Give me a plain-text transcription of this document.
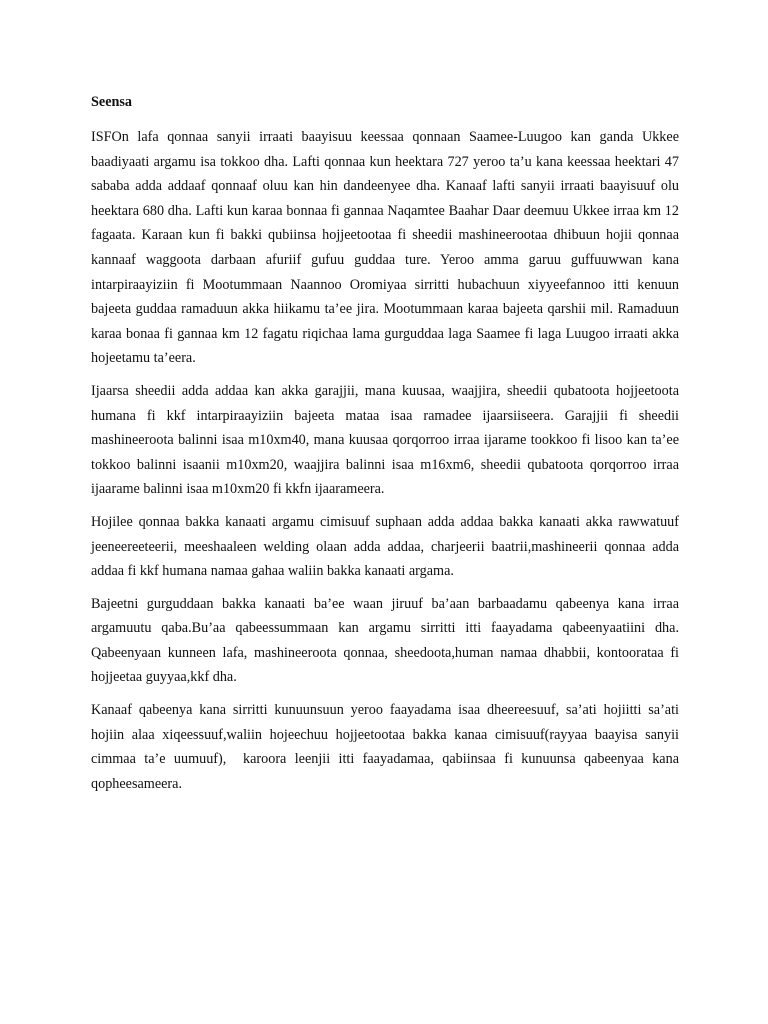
Seensa

ISFOn lafa qonnaa sanyii irraati baayisuu keessaa qonnaan Saamee-Luugoo kan ganda Ukkee baadiyaati argamu isa tokkoo dha. Lafti qonnaa kun heektara 727 yeroo ta’u kana keessaa heektari 47 sababa adda addaaf qonnaaf oluu kan hin dandeenyee dha. Kanaaf lafti sanyii irraati baayisuuf olu heektara 680 dha. Lafti kun karaa bonnaa fi gannaa Naqamtee Baahar Daar deemuu Ukkee irraa km 12 fagaata. Karaan kun fi bakki qubiinsa hojjeetootaa fi sheedii mashineerootaa dhibuun hojii qonnaa kannaaf waggoota darbaan afuriif gufuu guddaa ture. Yeroo amma garuu guffuuwwan kana intarpiraayiziin fi Mootummaan Naannoo Oromiyaa sirritti hubachuun xiyyeefannoo itti kenuun bajeeta guddaa ramaduun akka hiikamu ta’ee jira. Mootummaan karaa bajeeta qarshii mil. Ramaduun karaa bonaa fi gannaa km 12 fagatu riqichaa lama gurguddaa laga Saamee fi laga Luugoo irraati akka hojeetamu ta’eera.

Ijaarsa sheedii adda addaa kan akka garajjii, mana kuusaa, waajjira, sheedii qubatoota hojjeetoota humana fi kkf intarpiraayiziin bajeeta mataa isaa ramadee ijaarsiiseera. Garajjii fi sheedii mashineeroota balinni isaa m10xm40, mana kuusaa qorqorroo irraa ijarame tookkoo fi lisoo kan ta’ee tokkoo balinni isaanii m10xm20, waajjira balinni isaa m16xm6, sheedii qubatoota qorqorroo irraa ijaarame balinni isaa m10xm20 fi kkfn ijaarameera.

Hojilee qonnaa bakka kanaati argamu cimisuuf suphaan adda addaa bakka kanaati akka rawwatuuf jeeneereeteerii, meeshaaleen welding olaan adda addaa, charjeerii baatrii,mashineerii qonnaa adda addaa fi kkf humana namaa gahaa waliin bakka kanaati argama.

Bajeetni gurguddaan bakka kanaati ba’ee waan jiruuf ba’aan barbaadamu qabeenya kana irraa argamuutu qaba.Bu’aa qabeessummaan kan argamu sirritti itti faayadama qabeenyaatiini dha. Qabeenyaan kunneen lafa, mashineeroota qonnaa, sheedoota,human namaa dhabbii, kontoorataa fi hojjeetaa guyyaa,kkf dha.

Kanaaf qabeenya kana sirritti kunuunsuun yeroo faayadama isaa dheereesuuf, sa’ati hojiitti sa’ati hojiin alaa xiqeessuuf,waliin hojeechuu hojjeetootaa bakka kanaa cimisuuf(rayyaa baayisa sanyii cimmaa ta’e uumuuf),  karoora leenjii itti faayadamaa, qabiinsaa fi kunuunsa qabeenyaa kana qopheesameera.
